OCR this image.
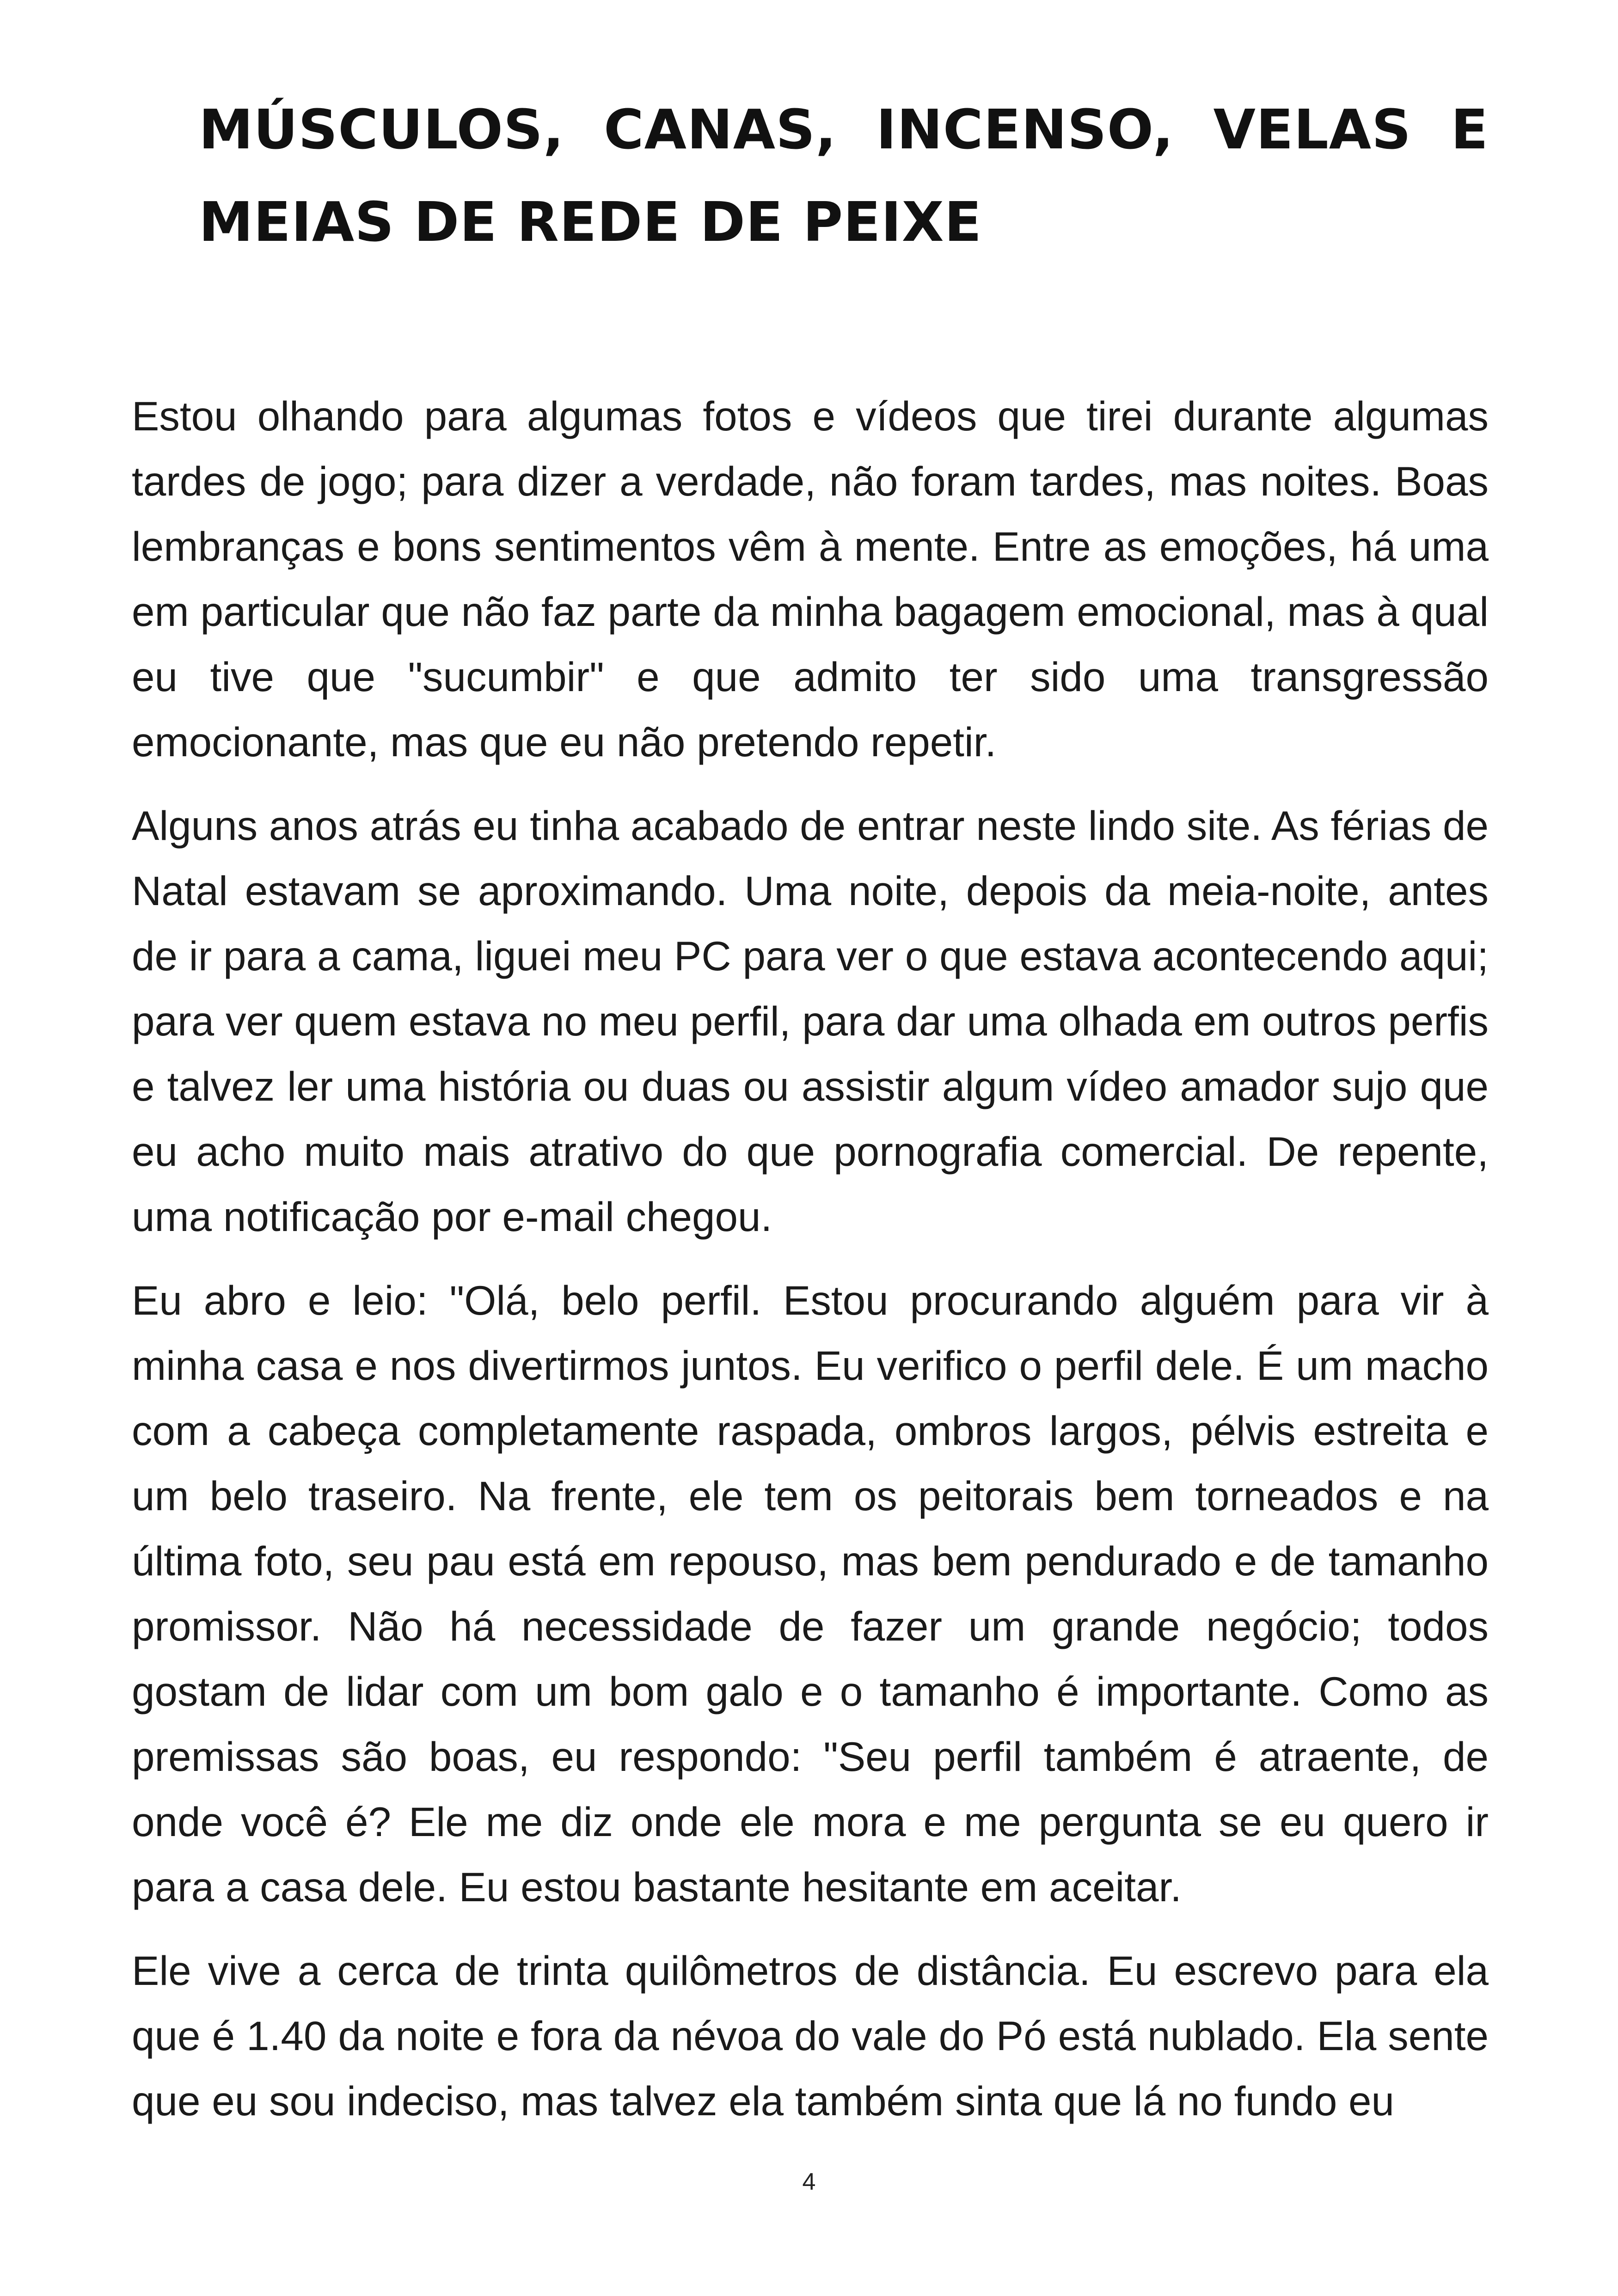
MÚSCULOS, CANAS, INCENSO, VELAS E MEIAS DE REDE DE PEIXE

Estou olhando para algumas fotos e vídeos que tirei durante algumas tardes de jogo; para dizer a verdade, não foram tardes, mas noites. Boas lembranças e bons sentimentos vêm à mente. Entre as emoções, há uma em particular que não faz parte da minha bagagem emocional, mas à qual eu tive que "sucumbir" e que admito ter sido uma transgressão emocionante, mas que eu não pretendo repetir.

Alguns anos atrás eu tinha acabado de entrar neste lindo site. As férias de Natal estavam se aproximando. Uma noite, depois da meia-noite, antes de ir para a cama, liguei meu PC para ver o que estava acontecendo aqui; para ver quem estava no meu perfil, para dar uma olhada em outros perfis e talvez ler uma história ou duas ou assistir algum vídeo amador sujo que eu acho muito mais atrativo do que pornografia comercial. De repente, uma notificação por e-mail chegou.

Eu abro e leio: "Olá, belo perfil. Estou procurando alguém para vir à minha casa e nos divertirmos juntos. Eu verifico o perfil dele. É um macho com a cabeça completamente raspada, ombros largos, pélvis estreita e um belo traseiro. Na frente, ele tem os peitorais bem torneados e na última foto, seu pau está em repouso, mas bem pendurado e de tamanho promissor. Não há necessidade de fazer um grande negócio; todos gostam de lidar com um bom galo e o tamanho é importante. Como as premissas são boas, eu respondo: "Seu perfil também é atraente, de onde você é? Ele me diz onde ele mora e me pergunta se eu quero ir para a casa dele. Eu estou bastante hesitante em aceitar.

Ele vive a cerca de trinta quilômetros de distância. Eu escrevo para ela que é 1.40 da noite e fora da névoa do vale do Pó está nublado. Ela sente que eu sou indeciso, mas talvez ela também sinta que lá no fundo eu

4
